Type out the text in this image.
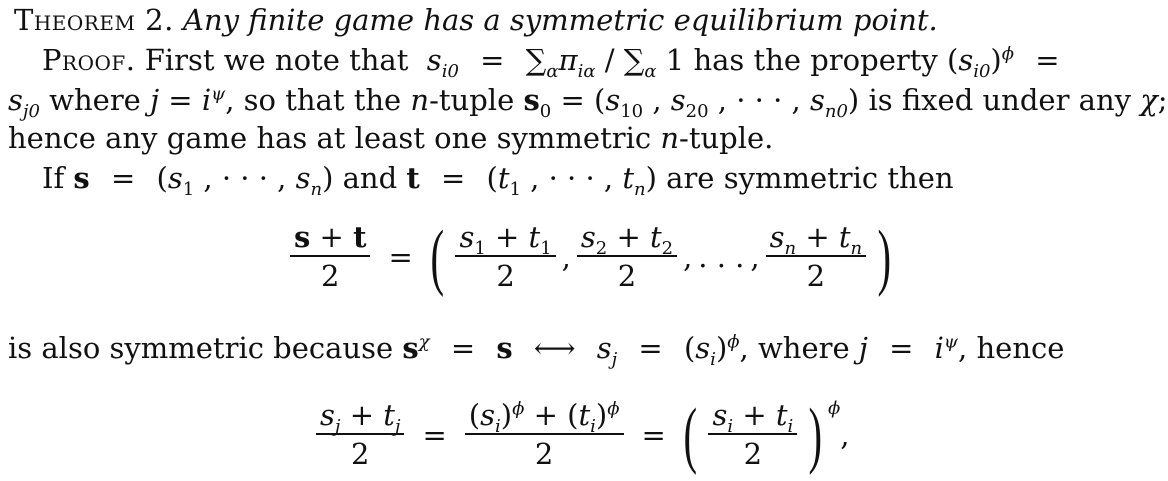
Theorem 2. Any finite game has a symmetric equilibrium point.
Proof. First we note that $s_{i0} = \sum_\alpha\pi_{i\alpha} / \sum_\alpha$ 1 has the property $(s_{i0})^\phi$ =
$s_{j0}$ where $j = i^\psi$, so that the n-tuple $s_0 = (s_{10}$ , $s_{20}$ , · · · , $s_{n0}$) is fixed under any χ;
hence any game has at least one symmetric n-tuple.
If $s = (s_1$ , · · · , $s_n$) and $t = (t_1$ , · · · , $t_n$) are symmetric then
$\frac{s + t}{2}$ = ( $\frac{s_1 + t_1}{2}$ , $\frac{s_2 + t_2}{2}$ , . . . , $\frac{s_n + t_n}{2}$ )
is also symmetric because $s^\chi = s$ ⟷ $s_j = (s_i)^\phi$, where $j = i^\psi$, hence
$\frac{s_j + t_j}{2} = \frac{(s_i)^\phi + (t_i)^\phi}{2}$ = ( $\frac{s_i + t_i}{2}$ ) $^\phi$
,
